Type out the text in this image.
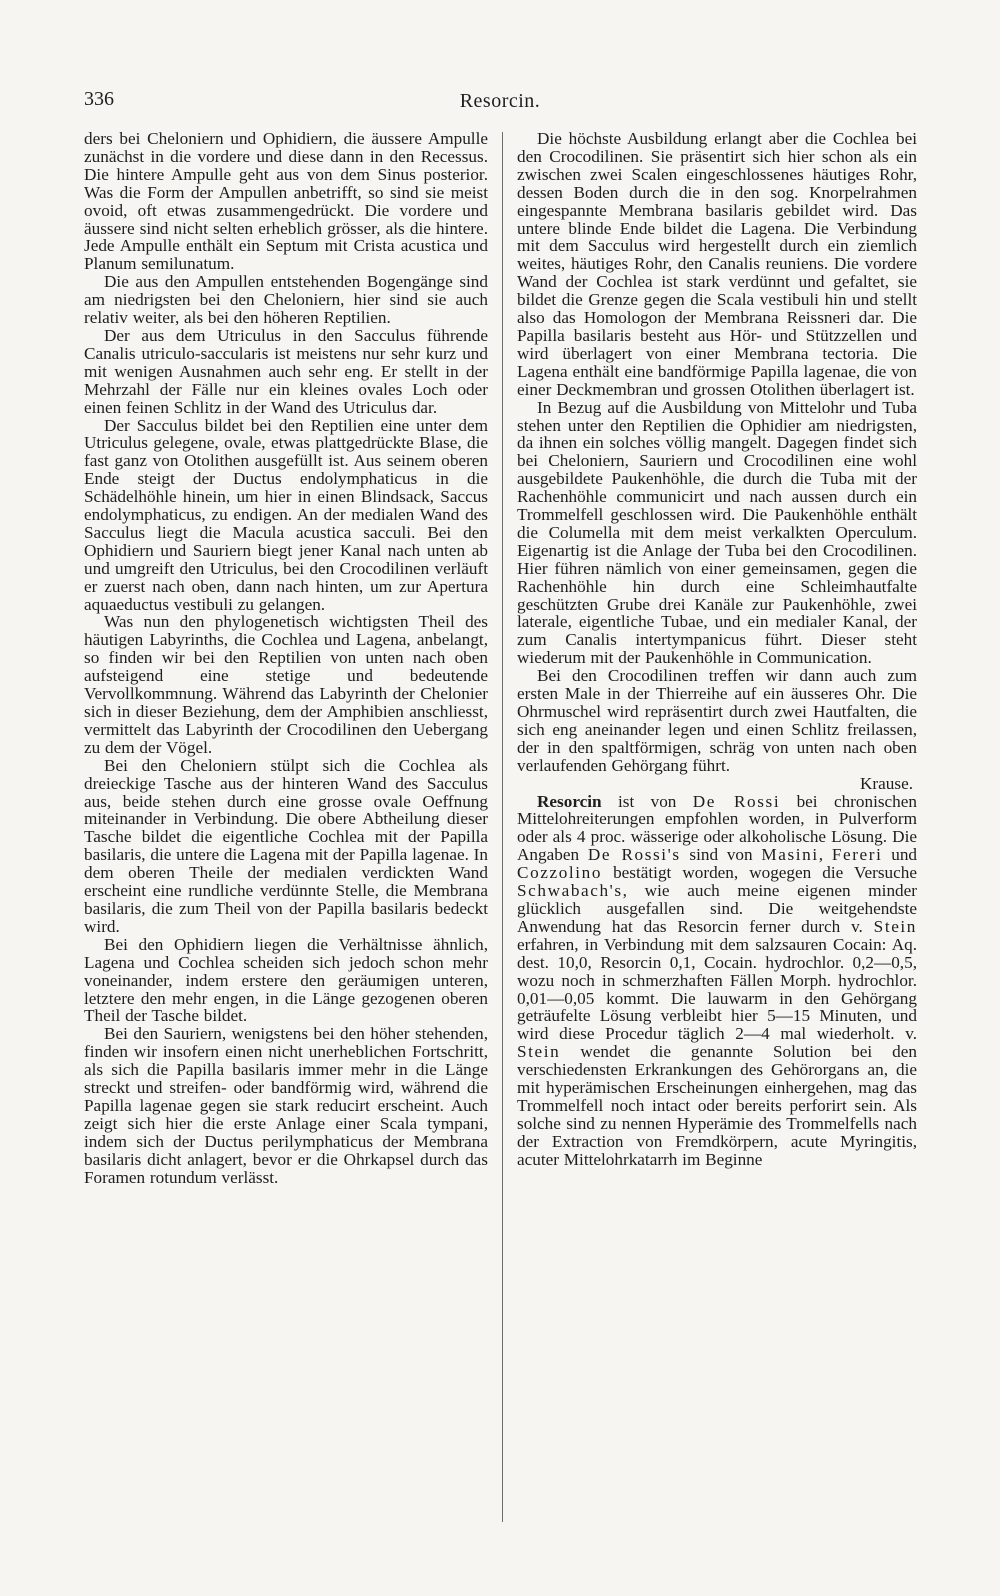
336	Resorcin.

ders bei Cheloniern und Ophidiern, die äussere Ampulle zunächst in die vordere und diese dann in den Recessus. Die hintere Ampulle geht aus von dem Sinus posterior. Was die Form der Ampullen anbetrifft, so sind sie meist ovoid, oft etwas zusammengedrückt. Die vordere und äussere sind nicht selten erheblich grösser, als die hintere. Jede Ampulle enthält ein Septum mit Crista acustica und Planum semilunatum.

Die aus den Ampullen entstehenden Bogengänge sind am niedrigsten bei den Cheloniern, hier sind sie auch relativ weiter, als bei den höheren Reptilien.

Der aus dem Utriculus in den Sacculus führende Canalis utriculo-saccularis ist meistens nur sehr kurz und mit wenigen Ausnahmen auch sehr eng. Er stellt in der Mehrzahl der Fälle nur ein kleines ovales Loch oder einen feinen Schlitz in der Wand des Utriculus dar.

Der Sacculus bildet bei den Reptilien eine unter dem Utriculus gelegene, ovale, etwas plattgedrückte Blase, die fast ganz von Otolithen ausgefüllt ist. Aus seinem oberen Ende steigt der Ductus endolymphaticus in die Schädelhöhle hinein, um hier in einen Blindsack, Saccus endolymphaticus, zu endigen. An der medialen Wand des Sacculus liegt die Macula acustica sacculi. Bei den Ophidiern und Sauriern biegt jener Kanal nach unten ab und umgreift den Utriculus, bei den Crocodilinen verläuft er zuerst nach oben, dann nach hinten, um zur Apertura aquaeductus vestibuli zu gelangen.

Was nun den phylogenetisch wichtigsten Theil des häutigen Labyrinths, die Cochlea und Lagena, anbelangt, so finden wir bei den Reptilien von unten nach oben aufsteigend eine stetige und bedeutende Vervollkommnung. Während das Labyrinth der Chelonier sich in dieser Beziehung, dem der Amphibien anschliesst, vermittelt das Labyrinth der Crocodilinen den Uebergang zu dem der Vögel.

Bei den Cheloniern stülpt sich die Cochlea als dreieckige Tasche aus der hinteren Wand des Sacculus aus, beide stehen durch eine grosse ovale Oeffnung miteinander in Verbindung. Die obere Abtheilung dieser Tasche bildet die eigentliche Cochlea mit der Papilla basilaris, die untere die Lagena mit der Papilla lagenae. In dem oberen Theile der medialen verdickten Wand erscheint eine rundliche verdünnte Stelle, die Membrana basilaris, die zum Theil von der Papilla basilaris bedeckt wird.

Bei den Ophidiern liegen die Verhältnisse ähnlich, Lagena und Cochlea scheiden sich jedoch schon mehr voneinander, indem erstere den geräumigen unteren, letztere den mehr engen, in die Länge gezogenen oberen Theil der Tasche bildet.

Bei den Sauriern, wenigstens bei den höher stehenden, finden wir insofern einen nicht unerheblichen Fortschritt, als sich die Papilla basilaris immer mehr in die Länge streckt und streifen- oder bandförmig wird, während die Papilla lagenae gegen sie stark reducirt erscheint. Auch zeigt sich hier die erste Anlage einer Scala tympani, indem sich der Ductus perilymphaticus der Membrana basilaris dicht anlagert, bevor er die Ohrkapsel durch das Foramen rotundum verlässt.

Die höchste Ausbildung erlangt aber die Cochlea bei den Crocodilinen. Sie präsentirt sich hier schon als ein zwischen zwei Scalen eingeschlossenes häutiges Rohr, dessen Boden durch die in den sog. Knorpelrahmen eingespannte Membrana basilaris gebildet wird. Das untere blinde Ende bildet die Lagena. Die Verbindung mit dem Sacculus wird hergestellt durch ein ziemlich weites, häutiges Rohr, den Canalis reuniens. Die vordere Wand der Cochlea ist stark verdünnt und gefaltet, sie bildet die Grenze gegen die Scala vestibuli hin und stellt also das Homologon der Membrana Reissneri dar. Die Papilla basilaris besteht aus Hör- und Stützzellen und wird überlagert von einer Membrana tectoria. Die Lagena enthält eine bandförmige Papilla lagenae, die von einer Deckmembran und grossen Otolithen überlagert ist.

In Bezug auf die Ausbildung von Mittelohr und Tuba stehen unter den Reptilien die Ophidier am niedrigsten, da ihnen ein solches völlig mangelt. Dagegen findet sich bei Cheloniern, Sauriern und Crocodilinen eine wohl ausgebildete Paukenhöhle, die durch die Tuba mit der Rachenhöhle communicirt und nach aussen durch ein Trommelfell geschlossen wird. Die Paukenhöhle enthält die Columella mit dem meist verkalkten Operculum. Eigenartig ist die Anlage der Tuba bei den Crocodilinen. Hier führen nämlich von einer gemeinsamen, gegen die Rachenhöhle hin durch eine Schleimhautfalte geschützten Grube drei Kanäle zur Paukenhöhle, zwei laterale, eigentliche Tubae, und ein medialer Kanal, der zum Canalis intertympanicus führt. Dieser steht wiederum mit der Paukenhöhle in Communication.

Bei den Crocodilinen treffen wir dann auch zum ersten Male in der Thierreihe auf ein äusseres Ohr. Die Ohrmuschel wird repräsentirt durch zwei Hautfalten, die sich eng aneinander legen und einen Schlitz freilassen, der in den spaltförmigen, schräg von unten nach oben verlaufenden Gehörgang führt.

Krause.

Resorcin ist von De Rossi bei chronischen Mittelohreiterungen empfohlen worden, in Pulverform oder als 4 proc. wässerige oder alkoholische Lösung. Die Angaben De Rossi's sind von Masini, Fereri und Cozzolino bestätigt worden, wogegen die Versuche Schwabach's, wie auch meine eigenen minder glücklich ausgefallen sind. Die weitgehendste Anwendung hat das Resorcin ferner durch v. Stein erfahren, in Verbindung mit dem salzsauren Cocain: Aq. dest. 10,0, Resorcin 0,1, Cocain. hydrochlor. 0,2—0,5, wozu noch in schmerzhaften Fällen Morph. hydrochlor. 0,01—0,05 kommt. Die lauwarm in den Gehörgang geträufelte Lösung verbleibt hier 5—15 Minuten, und wird diese Procedur täglich 2—4 mal wiederholt. v. Stein wendet die genannte Solution bei den verschiedensten Erkrankungen des Gehörorgans an, die mit hyperämischen Erscheinungen einhergehen, mag das Trommelfell noch intact oder bereits perforirt sein. Als solche sind zu nennen Hyperämie des Trommelfells nach der Extraction von Fremdkörpern, acute Myringitis, acuter Mittelohrkatarrh im Beginne
